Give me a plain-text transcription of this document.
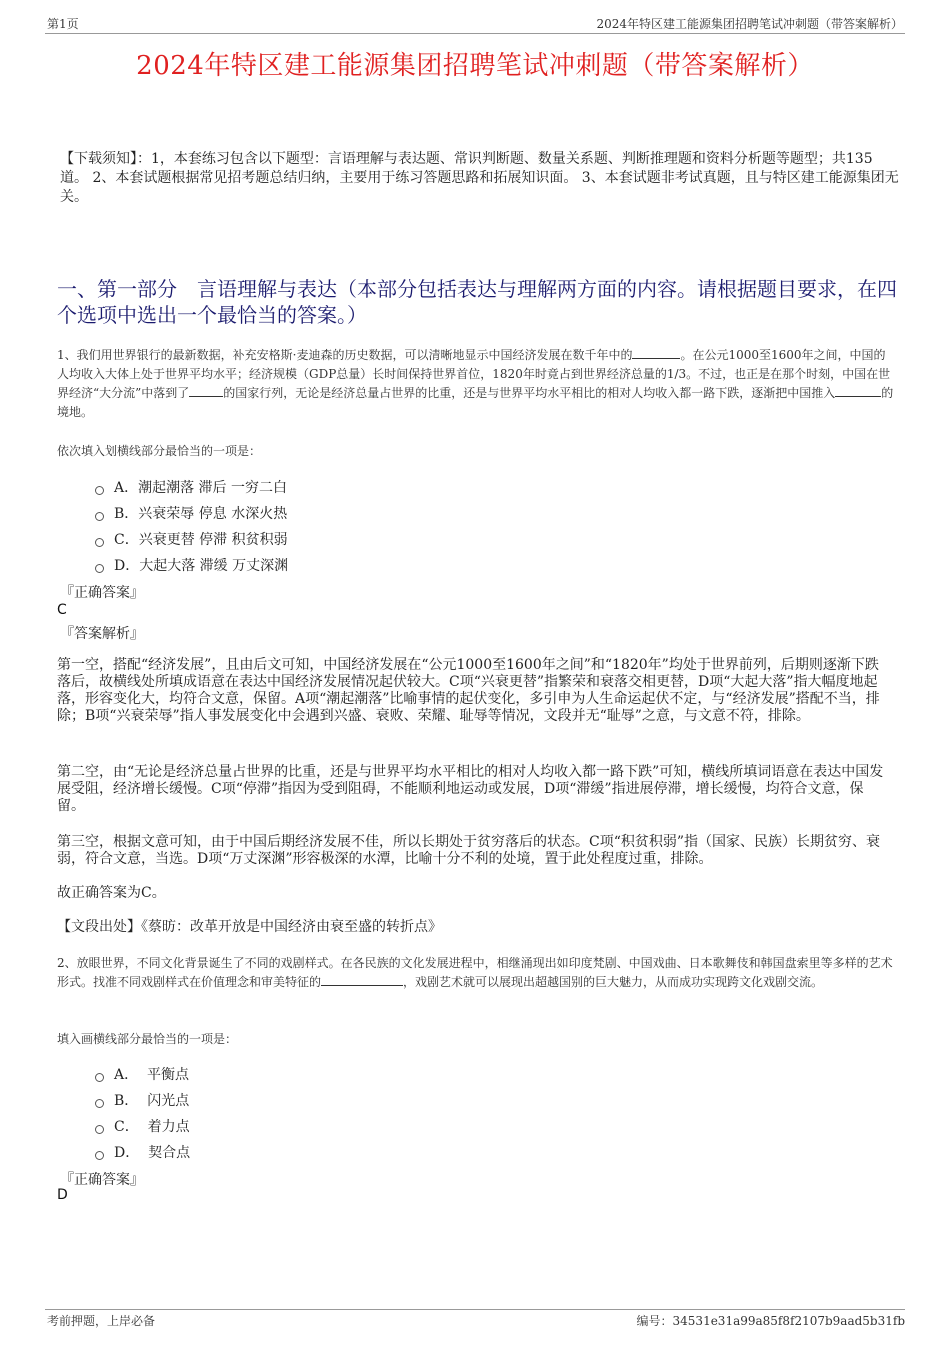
第1页	2024年特区建工能源集团招聘笔试冲刺题（带答案解析）
2024年特区建工能源集团招聘笔试冲刺题（带答案解析）
【下载须知】：1，本套练习包含以下题型：言语理解与表达题、常识判断题、数量关系题、判断推理题和资料分析题等题型；共135道。 2、本套试题根据常见招考题总结归纳，主要用于练习答题思路和拓展知识面。 3、本套试题非考试真题，且与特区建工能源集团无关。
一、第一部分　言语理解与表达（本部分包括表达与理解两方面的内容。请根据题目要求，在四个选项中选出一个最恰当的答案。）
1、我们用世界银行的最新数据，补充安格斯·麦迪森的历史数据，可以清晰地显示中国经济发展在数千年中的	。在公元1000至1600年之间，中国的人均收入大体上处于世界平均水平；经济规模（GDP总量）长时间保持世界首位，1820年时竟占到世界经济总量的1/3。不过，也正是在那个时刻，中国在世界经济“大分流”中落到了	的国家行列，无论是经济总量占世界的比重，还是与世界平均水平相比的相对人均收入都一路下跌，逐渐把中国推入	的境地。
依次填入划横线部分最恰当的一项是：
A．潮起潮落 滞后 一穷二白
B．兴衰荣辱 停息 水深火热
C．兴衰更替 停滞 积贫积弱
D．大起大落 滞缓 万丈深渊
『正确答案』
C
『答案解析』
第一空，搭配“经济发展”，且由后文可知，中国经济发展在“公元1000至1600年之间”和“1820年”均处于世界前列，后期则逐渐下跌落后，故横线处所填成语意在表达中国经济发展情况起伏较大。C项“兴衰更替”指繁荣和衰落交相更替，D项“大起大落”指大幅度地起落，形容变化大，均符合文意，保留。A项“潮起潮落”比喻事情的起伏变化，多引申为人生命运起伏不定，与“经济发展”搭配不当，排除；B项“兴衰荣辱”指人事发展变化中会遇到兴盛、衰败、荣耀、耻辱等情况，文段并无“耻辱”之意，与文意不符，排除。
第二空，由“无论是经济总量占世界的比重，还是与世界平均水平相比的相对人均收入都一路下跌”可知，横线所填词语意在表达中国发展受阻，经济增长缓慢。C项“停滞”指因为受到阻碍，不能顺利地运动或发展，D项“滞缓”指进展停滞，增长缓慢，均符合文意，保留。
第三空，根据文意可知，由于中国后期经济发展不佳，所以长期处于贫穷落后的状态。C项“积贫积弱”指（国家、民族）长期贫穷、衰弱，符合文意，当选。D项“万丈深渊”形容极深的水潭，比喻十分不利的处境，置于此处程度过重，排除。
故正确答案为C。
【文段出处】《蔡昉：改革开放是中国经济由衰至盛的转折点》
2、放眼世界，不同文化背景诞生了不同的戏剧样式。在各民族的文化发展进程中，相继涌现出如印度梵剧、中国戏曲、日本歌舞伎和韩国盘索里等多样的艺术形式。找准不同戏剧样式在价值理念和审美特征的	，戏剧艺术就可以展现出超越国别的巨大魅力，从而成功实现跨文化戏剧交流。
填入画横线部分最恰当的一项是：
A．  平衡点
B．  闪光点
C．  着力点
D．  契合点
『正确答案』
D
考前押题，上岸必备	编号：34531e31a99a85f8f2107b9aad5b31fb
